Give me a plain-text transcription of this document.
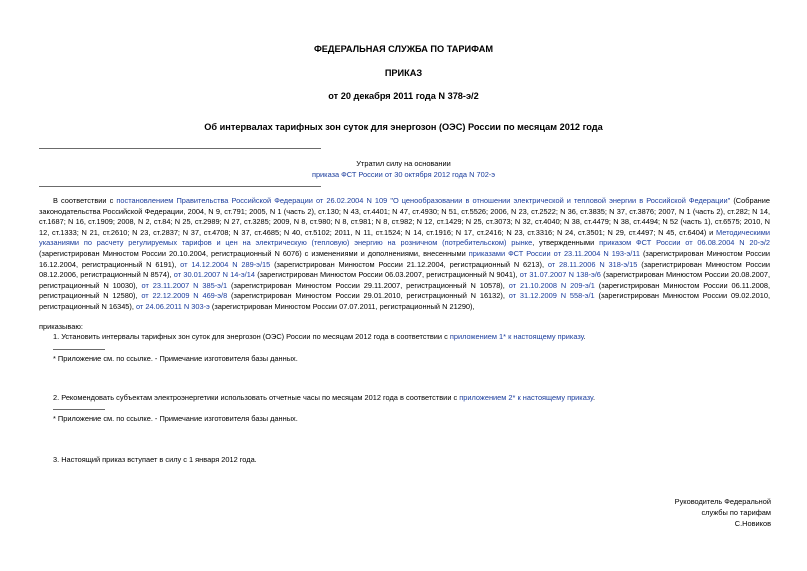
ФЕДЕРАЛЬНАЯ СЛУЖБА ПО ТАРИФАМ
ПРИКАЗ
от 20 декабря 2011 года N 378-э/2
Об интервалах тарифных зон суток для энергозон (ОЭС) России по месяцам 2012 года
Утратил силу на основании
приказа ФСТ России от 30 октября 2012 года N 702-э

В соответствии с постановлением Правительства Российской Федерации от 26.02.2004 N 109 "О ценообразовании в отношении электрической и тепловой энергии в Российской Федерации" (Собрание законодательства Российской Федерации, 2004, N 9, ст.791; 2005, N 1 (часть 2), ст.130; N 43, ст.4401; N 47, ст.4930; N 51, ст.5526; 2006, N 23, ст.2522; N 36, ст.3835; N 37, ст.3876; 2007, N 1 (часть 2), ст.282; N 14, ст.1687; N 16, ст.1909; 2008, N 2, ст.84; N 25, ст.2989; N 27, ст.3285; 2009, N 8, ст.980; N 8, ст.981; N 8, ст.982; N 12, ст.1429; N 25, ст.3073; N 32, ст.4040; N 38, ст.4479; N 38, ст.4494; N 52 (часть 1), ст.6575; 2010, N 12, ст.1333; N 21, ст.2610; N 23, ст.2837; N 37, ст.4708; N 37, ст.4685; N 40, ст.5102; 2011, N 11, ст.1524; N 14, ст.1916; N 17, ст.2416; N 23, ст.3316; N 24, ст.3501; N 29, ст.4497; N 45, ст.6404) и Методическими указаниями по расчету регулируемых тарифов и цен на электрическую (тепловую) энергию на розничном (потребительском) рынке, утвержденными приказом ФСТ России от 06.08.2004 N 20-э/2 (зарегистрирован Минюстом России 20.10.2004, регистрационный N 6076) с изменениями и дополнениями, внесенными приказами ФСТ России от 23.11.2004 N 193-э/11 (зарегистрирован Минюстом России 16.12.2004, регистрационный N 6191), от 14.12.2004 N 289-э/15 (зарегистрирован Минюстом России 21.12.2004, регистрационный N 6213), от 28.11.2006 N 318-э/15 (зарегистрирован Минюстом России 08.12.2006, регистрационный N 8574), от 30.01.2007 N 14-э/14 (зарегистрирован Минюстом России 06.03.2007, регистрационный N 9041), от 31.07.2007 N 138-э/6 (зарегистрирован Минюстом России 20.08.2007, регистрационный N 10030), от 23.11.2007 N 385-э/1 (зарегистрирован Минюстом России 29.11.2007, регистрационный N 10578), от 21.10.2008 N 209-э/1 (зарегистрирован Минюстом России 06.11.2008, регистрационный N 12580), от 22.12.2009 N 469-э/8 (зарегистрирован Минюстом России 29.01.2010, регистрационный N 16132), от 31.12.2009 N 558-э/1 (зарегистрирован Минюстом России 09.02.2010, регистрационный N 16345), от 24.06.2011 N 303-э (зарегистрирован Минюстом России 07.07.2011, регистрационный N 21290),

приказываю:
1. Установить интервалы тарифных зон суток для энергозон (ОЭС) России по месяцам 2012 года в соответствии с приложением 1* к настоящему приказу.
* Приложение см. по ссылке. - Примечание изготовителя базы данных.
2. Рекомендовать субъектам электроэнергетики использовать отчетные часы по месяцам 2012 года в соответствии с приложением 2* к настоящему приказу.
* Приложение см. по ссылке. - Примечание изготовителя базы данных.
3. Настоящий приказ вступает в силу с 1 января 2012 года.
Руководитель Федеральной
службы по тарифам
С.Новиков
